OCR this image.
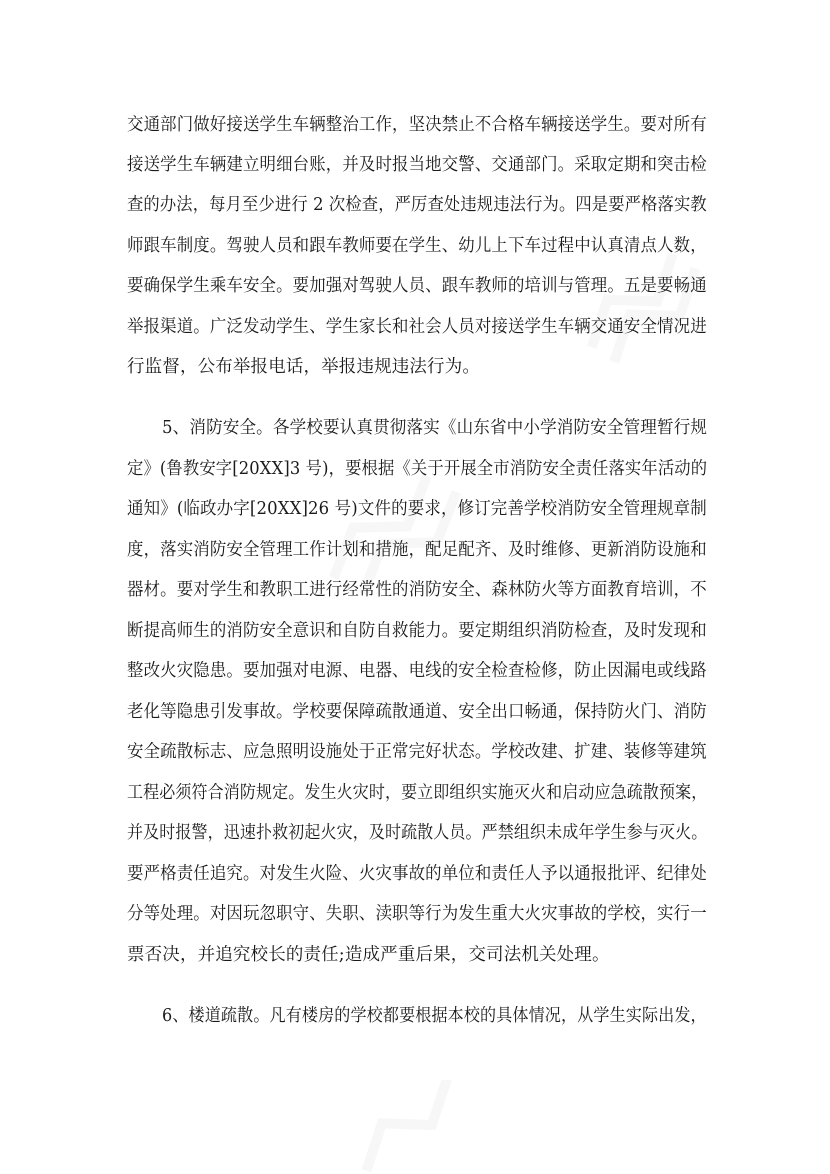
交通部门做好接送学生车辆整治工作，坚决禁止不合格车辆接送学生。要对所有
接送学生车辆建立明细台账，并及时报当地交警、交通部门。采取定期和突击检
查的办法，每月至少进行 2 次检查，严厉查处违规违法行为。四是要严格落实教
师跟车制度。驾驶人员和跟车教师要在学生、幼儿上下车过程中认真清点人数，
要确保学生乘车安全。要加强对驾驶人员、跟车教师的培训与管理。五是要畅通
举报渠道。广泛发动学生、学生家长和社会人员对接送学生车辆交通安全情况进
行监督，公布举报电话，举报违规违法行为。
5、消防安全。各学校要认真贯彻落实《山东省中小学消防安全管理暂行规
定》(鲁教安字[20XX]3 号)，要根据《关于开展全市消防安全责任落实年活动的
通知》(临政办字[20XX]26 号)文件的要求，修订完善学校消防安全管理规章制
度，落实消防安全管理工作计划和措施，配足配齐、及时维修、更新消防设施和
器材。要对学生和教职工进行经常性的消防安全、森林防火等方面教育培训，不
断提高师生的消防安全意识和自防自救能力。要定期组织消防检查，及时发现和
整改火灾隐患。要加强对电源、电器、电线的安全检查检修，防止因漏电或线路
老化等隐患引发事故。学校要保障疏散通道、安全出口畅通，保持防火门、消防
安全疏散标志、应急照明设施处于正常完好状态。学校改建、扩建、装修等建筑
工程必须符合消防规定。发生火灾时，要立即组织实施灭火和启动应急疏散预案，
并及时报警，迅速扑救初起火灾，及时疏散人员。严禁组织未成年学生参与灭火。
要严格责任追究。对发生火险、火灾事故的单位和责任人予以通报批评、纪律处
分等处理。对因玩忽职守、失职、渎职等行为发生重大火灾事故的学校，实行一
票否决，并追究校长的责任;造成严重后果，交司法机关处理。
6、楼道疏散。凡有楼房的学校都要根据本校的具体情况，从学生实际出发，
